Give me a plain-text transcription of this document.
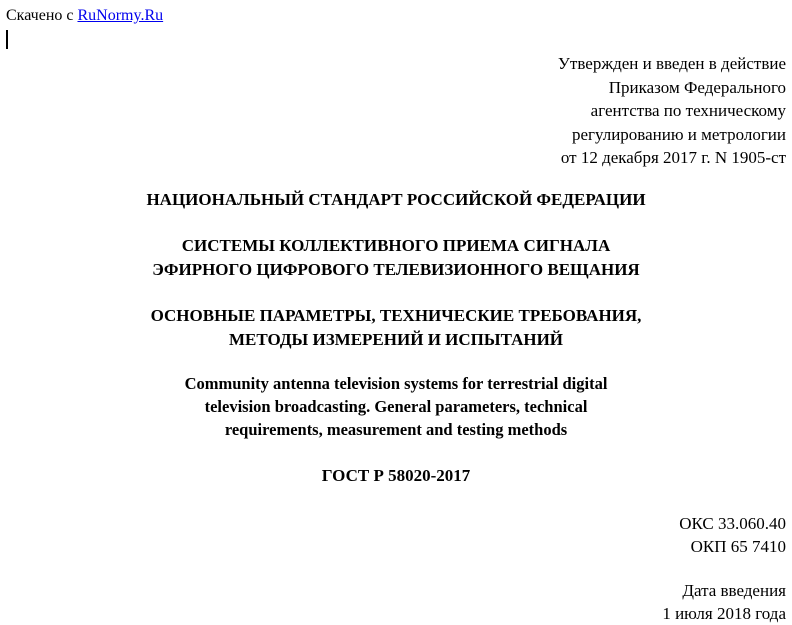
Скачено с RuNormy.Ru
Утвержден и введен в действие
Приказом Федерального
агентства по техническому
регулированию и метрологии
от 12 декабря 2017 г. N 1905-ст
НАЦИОНАЛЬНЫЙ СТАНДАРТ РОССИЙСКОЙ ФЕДЕРАЦИИ
СИСТЕМЫ КОЛЛЕКТИВНОГО ПРИЕМА СИГНАЛА
ЭФИРНОГО ЦИФРОВОГО ТЕЛЕВИЗИОННОГО ВЕЩАНИЯ
ОСНОВНЫЕ ПАРАМЕТРЫ, ТЕХНИЧЕСКИЕ ТРЕБОВАНИЯ,
МЕТОДЫ ИЗМЕРЕНИЙ И ИСПЫТАНИЙ
Community antenna television systems for terrestrial digital
television broadcasting. General parameters, technical
requirements, measurement and testing methods
ГОСТ Р 58020-2017
ОКС 33.060.40
ОКП 65 7410
Дата введения
1 июля 2018 года
